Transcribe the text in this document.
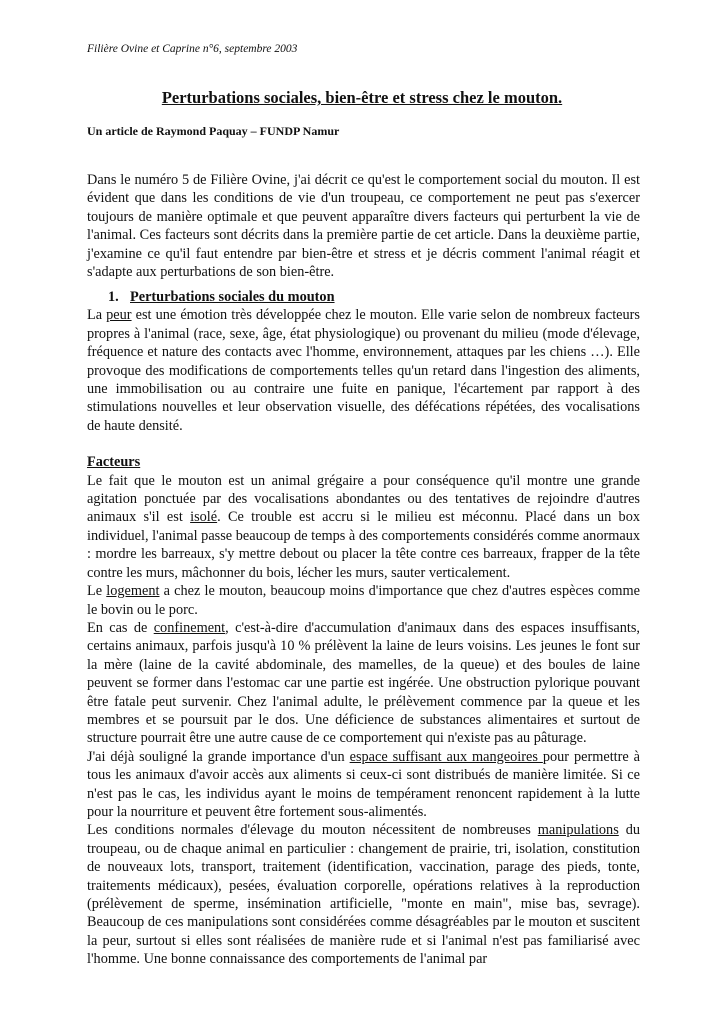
Filière Ovine et Caprine n°6, septembre 2003
Perturbations sociales, bien-être et stress chez le mouton.
Un article de Raymond Paquay – FUNDP Namur

Dans le numéro 5 de Filière Ovine, j'ai décrit ce qu'est le comportement social du mouton. Il est évident que dans les conditions de vie d'un troupeau, ce comportement ne peut pas s'exercer toujours de manière optimale et que peuvent apparaître divers facteurs qui perturbent la vie de l'animal. Ces facteurs sont décrits dans la première partie de cet article. Dans la deuxième partie, j'examine ce qu'il faut entendre par bien-être et stress et je décris comment l'animal réagit et s'adapte aux perturbations de son bien-être.

1. Perturbations sociales du mouton

La peur est une émotion très développée chez le mouton. Elle varie selon de nombreux facteurs propres à l'animal (race, sexe, âge, état physiologique) ou provenant du milieu (mode d'élevage, fréquence et nature des contacts avec l'homme, environnement, attaques par les chiens …). Elle provoque des modifications de comportements telles qu'un retard dans l'ingestion des aliments, une immobilisation ou au contraire une fuite en panique, l'écartement par rapport à des stimulations nouvelles et leur observation visuelle, des défécations répétées, des vocalisations de haute densité.

Facteurs

Le fait que le mouton est un animal grégaire a pour conséquence qu'il montre une grande agitation ponctuée par des vocalisations abondantes ou des tentatives de rejoindre d'autres animaux s'il est isolé. Ce trouble est accru si le milieu est méconnu. Placé dans un box individuel, l'animal passe beaucoup de temps à des comportements considérés comme anormaux : mordre les barreaux, s'y mettre debout ou placer la tête contre ces barreaux, frapper de la tête contre les murs, mâchonner du bois, lécher les murs, sauter verticalement.

Le logement a chez le mouton, beaucoup moins d'importance que chez d'autres espèces comme le bovin ou le porc.

En cas de confinement, c'est-à-dire d'accumulation d'animaux dans des espaces insuffisants, certains animaux, parfois jusqu'à 10 % prélèvent la laine de leurs voisins. Les jeunes le font sur la mère (laine de la cavité abdominale, des mamelles, de la queue) et des boules de laine peuvent se former dans l'estomac car une partie est ingérée. Une obstruction pylorique pouvant être fatale peut survenir. Chez l'animal adulte, le prélèvement commence par la queue et les membres et se poursuit par le dos. Une déficience de substances alimentaires et surtout de structure pourrait être une autre cause de ce comportement qui n'existe pas au pâturage.

J'ai déjà souligné la grande importance d'un espace suffisant aux mangeoires pour permettre à tous les animaux d'avoir accès aux aliments si ceux-ci sont distribués de manière limitée. Si ce n'est pas le cas, les individus ayant le moins de tempérament renoncent rapidement à la lutte pour la nourriture et peuvent être fortement sous-alimentés.

Les conditions normales d'élevage du mouton nécessitent de nombreuses manipulations du troupeau, ou de chaque animal en particulier : changement de prairie, tri, isolation, constitution de nouveaux lots, transport, traitement (identification, vaccination, parage des pieds, tonte, traitements médicaux), pesées, évaluation corporelle, opérations relatives à la reproduction (prélèvement de sperme, insémination artificielle, "monte en main", mise bas, sevrage). Beaucoup de ces manipulations sont considérées comme désagréables par le mouton et suscitent la peur, surtout si elles sont réalisées de manière rude et si l'animal n'est pas familiarisé avec l'homme. Une bonne connaissance des comportements de l'animal par
